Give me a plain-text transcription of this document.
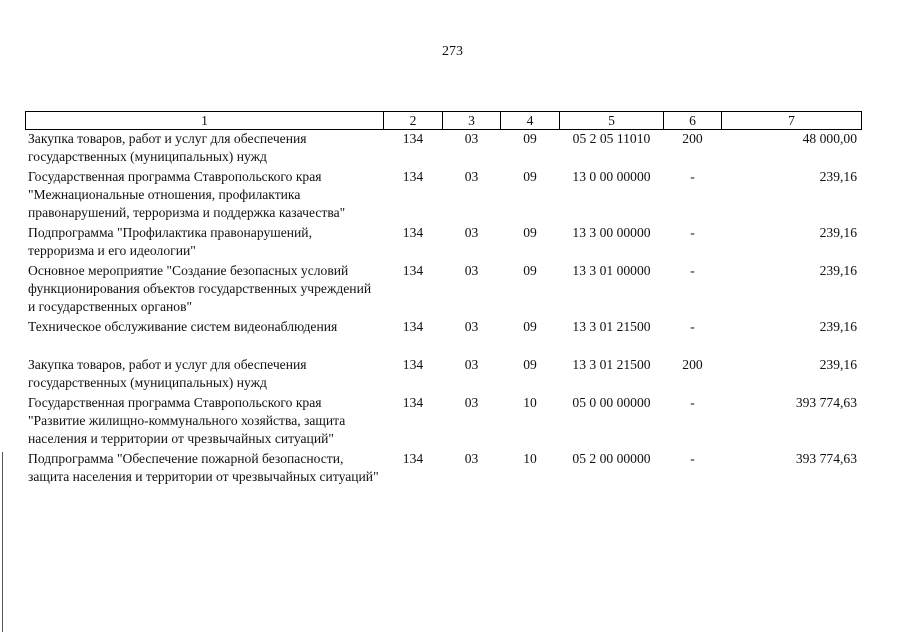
273
1	2	3	4	5	6	7
Закупка товаров, работ и услуг для обеспечения государственных (муниципальных) нужд	134	03	09	05 2 05 11010	200	48 000,00
Государственная программа Ставропольского края "Межнациональные отношения, профилактика правонарушений, терроризма и поддержка казачества"	134	03	09	13 0 00 00000	-	239,16
Подпрограмма "Профилактика правонарушений, терроризма и его идеологии"	134	03	09	13 3 00 00000	-	239,16
Основное мероприятие "Создание безопасных условий функционирования объектов государственных учреждений и государственных органов"	134	03	09	13 3 01 00000	-	239,16
Техническое обслуживание систем видеонаблюдения	134	03	09	13 3 01 21500	-	239,16
Закупка товаров, работ и услуг для обеспечения государственных (муниципальных) нужд	134	03	09	13 3 01 21500	200	239,16
Государственная программа Ставропольского края "Развитие жилищно-коммунального хозяйства, защита населения и территории от чрезвычайных ситуаций"	134	03	10	05 0 00 00000	-	393 774,63
Подпрограмма "Обеспечение пожарной безопасности, защита населения и территории от чрезвычайных ситуаций"	134	03	10	05 2 00 00000	-	393 774,63
